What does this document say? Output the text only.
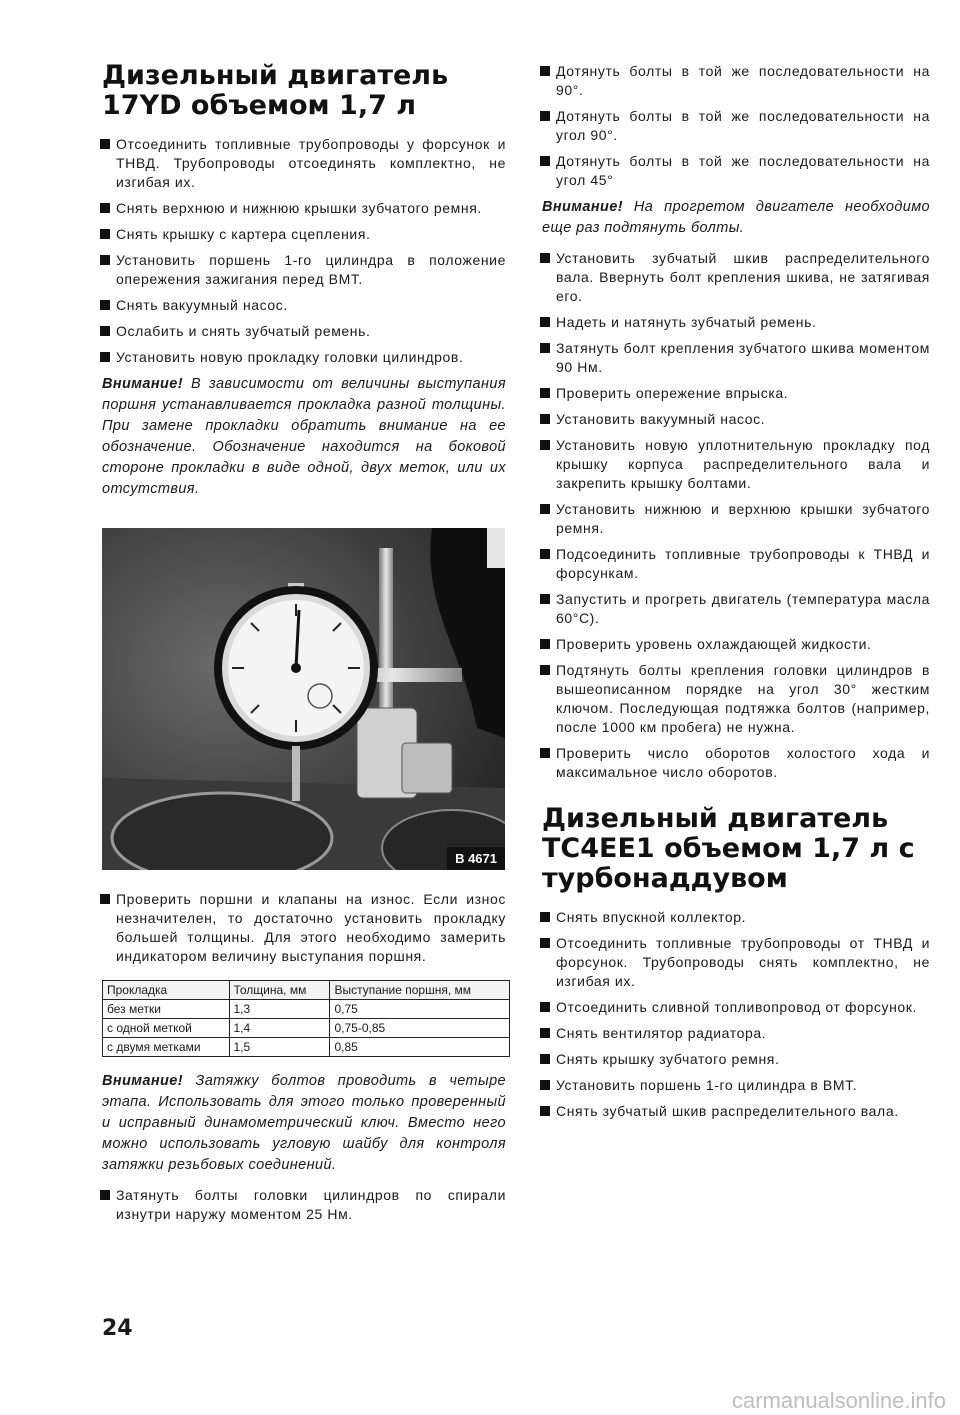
Дизельный двигатель 17YD объемом 1,7 л
Отсоединить топливные трубопроводы у форсунок и ТНВД. Трубопроводы отсоединять комплектно, не изгибая их.
Снять верхнюю и нижнюю крышки зубчатого ремня.
Снять крышку с картера сцепления.
Установить поршень 1-го цилиндра в положение опережения зажигания перед ВМТ.
Снять вакуумный насос.
Ослабить и снять зубчатый ремень.
Установить новую прокладку головки цилиндров.

Внимание! В зависимости от величины выступания поршня устанавливается прокладка разной толщины. При замене прокладки обратить внимание на ее обозначение. Обозначение находится на боковой стороне прокладки в виде одной, двух меток, или их отсутствия.

B 4671
Проверить поршни и клапаны на износ. Если износ незначителен, то достаточно установить прокладку большей толщины. Для этого необходимо замерить индикатором величину выступания поршня.
Прокладка	Толщина, мм	Выступание поршня, мм
без метки	1,3	0,75
с одной меткой	1,4	0,75-0,85
с двумя метками	1,5	0,85

Внимание! Затяжку болтов проводить в четыре этапа. Использовать для этого только проверенный и исправный динамометрический ключ. Вместо него можно использовать угловую шайбу для контроля затяжки резьбовых соединений.

Затянуть болты головки цилиндров по спирали изнутри наружу моментом 25 Нм.
Дотянуть болты в той же последовательности на 90°.
Дотянуть болты в той же последовательности на угол 90°.
Дотянуть болты в той же последовательности на угол 45°

Внимание! На прогретом двигателе необходимо еще раз подтянуть болты.

Установить зубчатый шкив распределительного вала. Ввернуть болт крепления шкива, не затягивая его.
Надеть и натянуть зубчатый ремень.
Затянуть болт крепления зубчатого шкива моментом 90 Нм.
Проверить опережение впрыска.
Установить вакуумный насос.
Установить новую уплотнительную прокладку под крышку корпуса распределительного вала и закрепить крышку болтами.
Установить нижнюю и верхнюю крышки зубчатого ремня.
Подсоединить топливные трубопроводы к ТНВД и форсункам.
Запустить и прогреть двигатель (температура масла 60°С).
Проверить уровень охлаждающей жидкости.
Подтянуть болты крепления головки цилиндров в вышеописанном порядке на угол 30° жестким ключом. Последующая подтяжка болтов (например, после 1000 км пробега) не нужна.
Проверить число оборотов холостого хода и максимальное число оборотов.
Дизельный двигатель ТС4ЕЕ1 объемом 1,7 л с турбонаддувом
Снять впускной коллектор.
Отсоединить топливные трубопроводы от ТНВД и форсунок. Трубопроводы снять комплектно, не изгибая их.
Отсоединить сливной топливопровод от форсунок.
Снять вентилятор радиатора.
Снять крышку зубчатого ремня.
Установить поршень 1-го цилиндра в ВМТ.
Снять зубчатый шкив распределительного вала.
24
carmanualsonline.info
